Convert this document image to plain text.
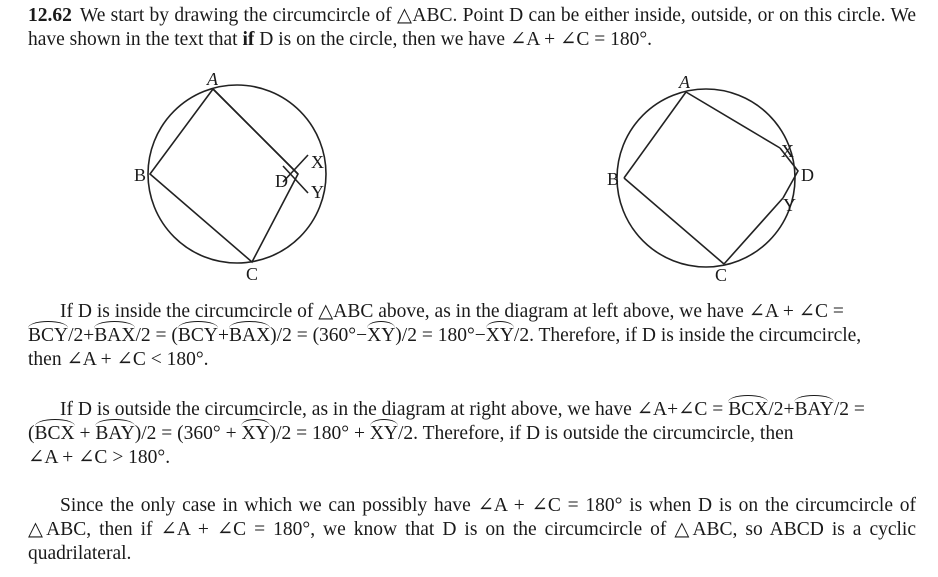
12.62 We start by drawing the circumcircle of △ABC. Point D can be either inside, outside, or on this circle. We have shown in the text that if D is on the circle, then we have ∠A + ∠C = 180°.
A
B
C
D
X
Y
A
B
C
D
X
Y
If D is inside the circumcircle of △ABC above, as in the diagram at left above, we have ∠A + ∠C =
BCY/2+BAX/2 = (BCY+BAX)/2 = (360°−XY)/2 = 180°−XY/2. Therefore, if D is inside the circumcircle,
then ∠A + ∠C < 180°.
If D is outside the circumcircle, as in the diagram at right above, we have ∠A+∠C = BCX/2+BAY/2 =
(BCX + BAY)/2 = (360° + XY)/2 = 180° + XY/2. Therefore, if D is outside the circumcircle, then
∠A + ∠C > 180°.
Since the only case in which we can possibly have ∠A + ∠C = 180° is when D is on the circumcircle of △ABC, then if ∠A + ∠C = 180°, we know that D is on the circumcircle of △ABC, so ABCD is a cyclic quadrilateral.
